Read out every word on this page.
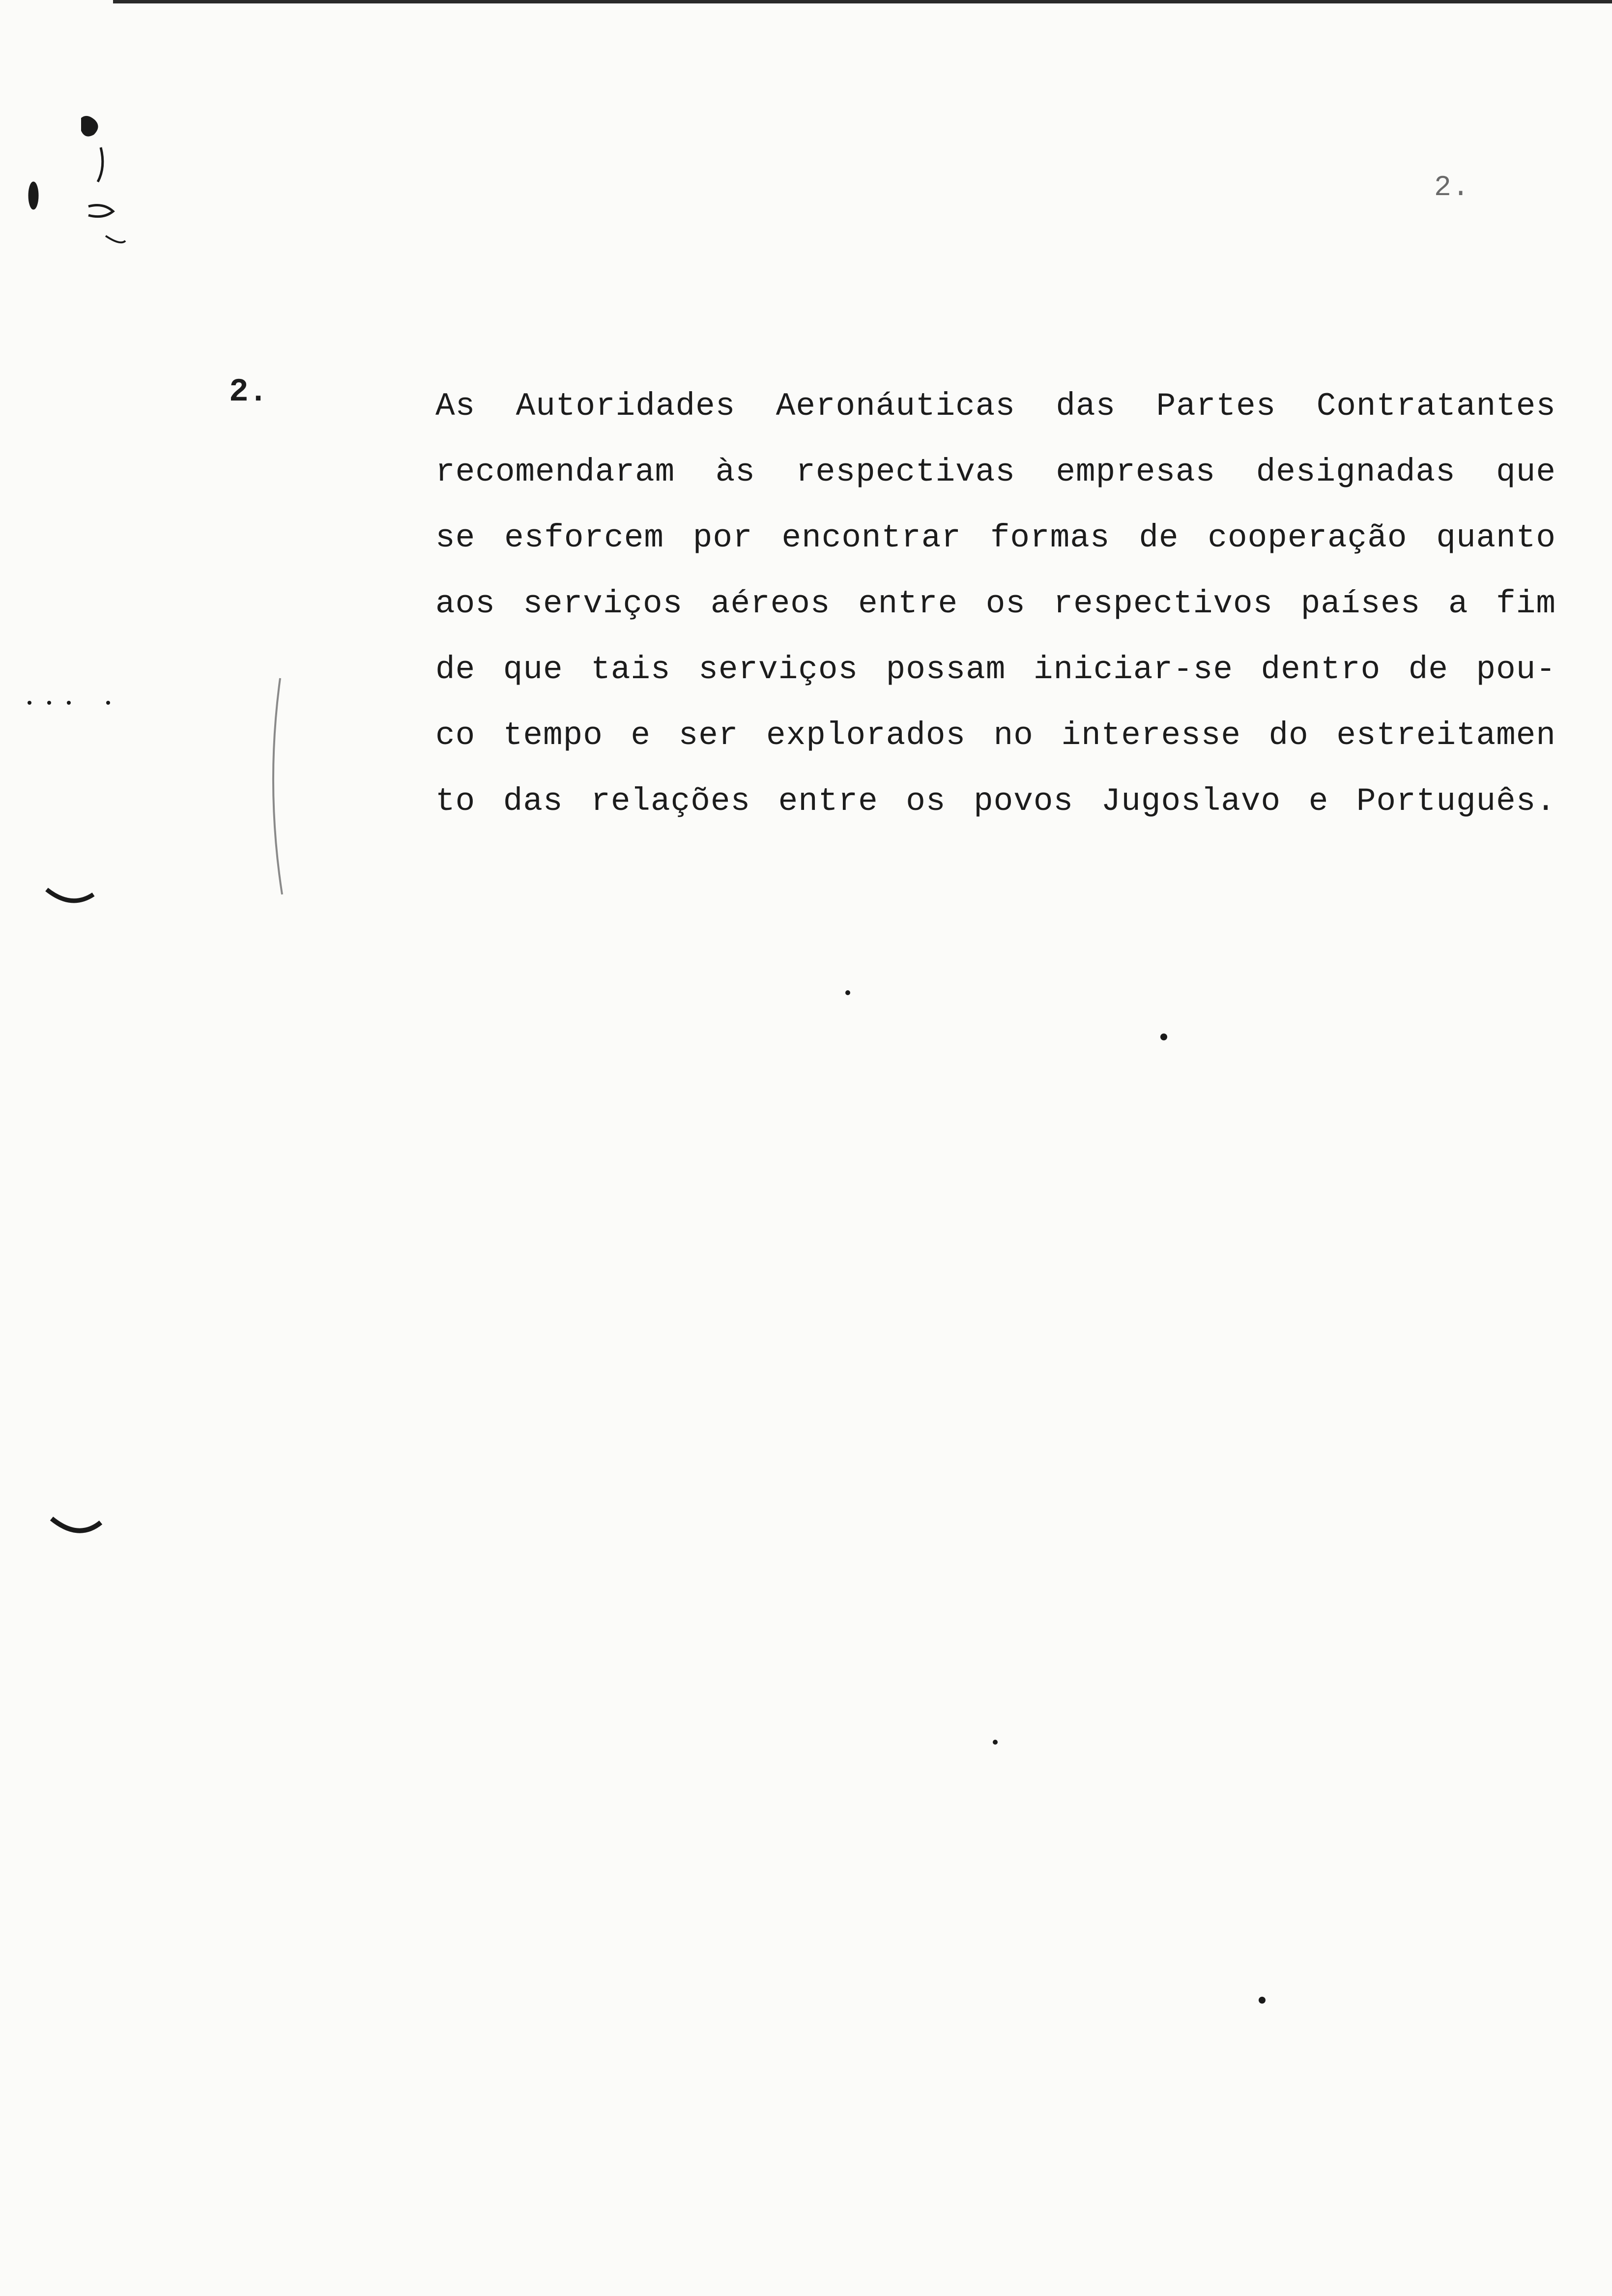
2.
2.	As Autoridades Aeronáuticas das Partes Contratantes
recomendaram às respectivas empresas designadas que
se esforcem por encontrar formas de cooperação quanto
aos serviços aéreos entre os respectivos países a fim
de que tais serviços possam iniciar-se dentro de pou-
co tempo e ser explorados no interesse do estreitamen
to das relações entre os povos Jugoslavo e Português.
